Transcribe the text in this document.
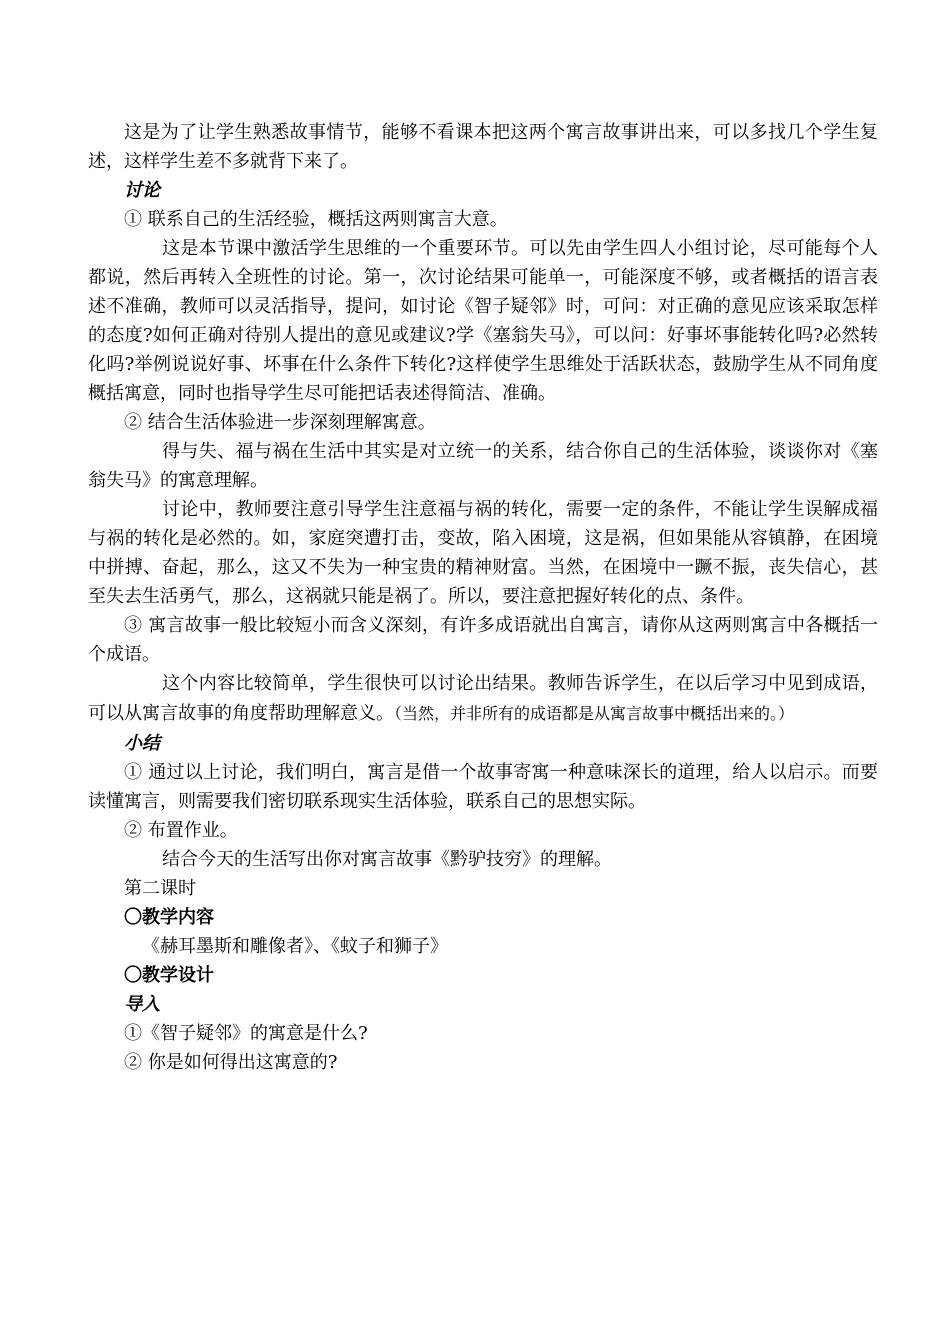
这是为了让学生熟悉故事情节，能够不看课本把这两个寓言故事讲出来，可以多找几个学生复述，这样学生差不多就背下来了。

讨论

① 联系自己的生活经验，概括这两则寓言大意。

这是本节课中激活学生思维的一个重要环节。可以先由学生四人小组讨论，尽可能每个人都说，然后再转入全班性的讨论。第一，次讨论结果可能单一，可能深度不够，或者概括的语言表述不准确，教师可以灵活指导，提问，如讨论《智子疑邻》时，可问：对正确的意见应该采取怎样的态度?如何正确对待别人提出的意见或建议?学《塞翁失马》，可以问：好事坏事能转化吗?必然转化吗?举例说说好事、坏事在什么条件下转化?这样使学生思维处于活跃状态，鼓励学生从不同角度概括寓意，同时也指导学生尽可能把话表述得简洁、准确。

② 结合生活体验进一步深刻理解寓意。

得与失、福与祸在生活中其实是对立统一的关系，结合你自己的生活体验，谈谈你对《塞翁失马》的寓意理解。

讨论中，教师要注意引导学生注意福与祸的转化，需要一定的条件，不能让学生误解成福与祸的转化是必然的。如，家庭突遭打击，变故，陷入困境，这是祸，但如果能从容镇静，在困境中拼搏、奋起，那么，这又不失为一种宝贵的精神财富。当然，在困境中一蹶不振，丧失信心，甚至失去生活勇气，那么，这祸就只能是祸了。所以，要注意把握好转化的点、条件。

③ 寓言故事一般比较短小而含义深刻，有许多成语就出自寓言，请你从这两则寓言中各概括一个成语。

这个内容比较简单，学生很快可以讨论出结果。教师告诉学生，在以后学习中见到成语，可以从寓言故事的角度帮助理解意义。（当然，并非所有的成语都是从寓言故事中概括出来的。）

小结

① 通过以上讨论，我们明白，寓言是借一个故事寄寓一种意味深长的道理，给人以启示。而要读懂寓言，则需要我们密切联系现实生活体验，联系自己的思想实际。

② 布置作业。

结合今天的生活写出你对寓言故事《黔驴技穷》的理解。

第二课时

〇教学内容

《赫耳墨斯和雕像者》、《蚊子和狮子》

〇教学设计

导入

①《智子疑邻》的寓意是什么?

② 你是如何得出这寓意的?
